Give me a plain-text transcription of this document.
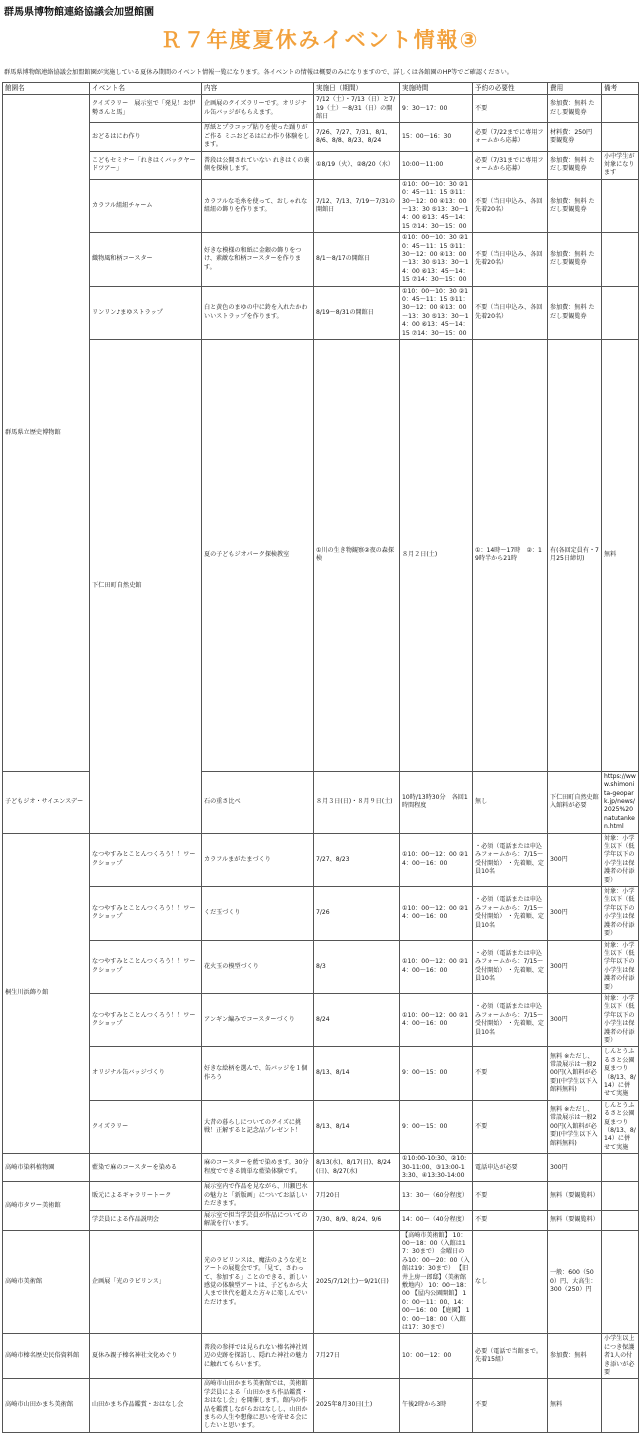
群馬県博物館連絡協議会加盟館園
Ｒ７年度夏休みイベント情報③
群馬県博物館連絡協議会加盟館園が実施している夏休み期間のイベント情報一覧になります。各イベントの情報は概要のみになりますので、詳しくは各館園のHP等でご確認ください。
館園名	イベント名	内容	実施日（期間）	実施時間	予約の必要性	費用	備考	
群馬県立歴史博物館	クイズラリー　展示室で「発見！お伊勢さんと馬」	企画展のクイズラリーです。オリジナル缶バッジがもらえます。	7/12（土）・7/13（日）と7/19（土）～8/31（日）の開館日	9：30～17：00	不要	参加費：無料 ただし要観覧券		
	おどるはにわ作り	厚紙とプラコップ貼りを使った踊りがご作る ミニおどるはにわ作り体験をします。	7/26、7/27、7/31、8/1、8/6、8/8、8/23、8/24	15：00～16：30	必要（7/22までに専用フォームから応募）	材料費：250円 要観覧券		
	こどもセミナー「れきはくバックヤードツアー」	普段は公開されていない れきはくの裏側を探検します。	①8/19（火）、②8/20（水）	10:00～11:00	必要（7/31までに専用フォームから応募）	参加費：無料 ただし要観覧券	小中学生が対象になります	
	カラフル組紐チャーム	カラフルな毛糸を使って、おしゃれな組紐の飾りを作ります。	7/12、7/13、7/19～7/31の開館日	①10：00～10：30 ②10：45～11：15 ③11：30～12：00 ④13：00～13：30 ⑤13：30～14：00 ⑥13：45～14：15 ⑦14：30～15：00	不要（当日申込み、各回先着20名）	参加費：無料 ただし要観覧券		
	織物風和柄コースター	好きな模様の和紙に金銀の飾りをつけ、素敵な和柄コースターを作ります。	8/1～8/17の開館日	①10：00～10：30 ②10：45～11：15 ③11：30～12：00 ④13：00～13：30 ⑤13：30～14：00 ⑥13：45～14：15 ⑦14：30～15：00	不要（当日申込み、各回先着20名）	参加費：無料 ただし要観覧券		
	リンリン♪まゆストラップ	白と黄色のまゆの中に鈴を入れたかわいいストラップを作ります。	8/19～8/31の開館日	①10：00～10：30 ②10：45～11：15 ③11：30～12：00 ④13：00～13：30 ⑤13：30～14：00 ⑥13：45～14：15 ⑦14：30～15：00	不要（当日申込み、各回先着20名）	参加費：無料 ただし要観覧券		
	下仁田町自然史館	夏の子どもジオパーク探検教室	①川の生き物観察②夜の森探検	８月２日(土)	①：14時～17時　②：19時半から21時	有(各回定員有・7月25日締切)	無料	
子どもジオ・サイエンスデー		石の重さ比べ	８月３日(日)・８月９日(土)	10時/13時30分　各回1時間程度	無し	下仁田町自然史館入館料が必要	https://www.shimonita-geopark.jp/news/2025%20natutanken.html	
桐生川浜飾り館	なつやすみとことんつくろう！！ワークショップ	カラフルまがたまづくり	7/27、8/23	①10：00～12：00 ②14：00～16：00	・必須（電話または申込みフォームから：7/15～受付開始） ・先着順、定員10名	300円	対象：小学生以下（低学年以下の小学生は保護者の付添要）	
	なつやすみとことんつくろう！！ワークショップ	くだ玉づくり	7/26	①10：00～12：00 ②14：00～16：00	・必須（電話または申込みフォームから：7/15～受付開始） ・先着順、定員10名	300円	対象：小学生以下（低学年以下の小学生は保護者の付添要）	
	なつやすみとことんつくろう！！ワークショップ	花火玉の模型づくり	8/3	①10：00～12：00 ②14：00～16：00	・必須（電話または申込みフォームから：7/15～受付開始） ・先着順、定員10名	300円	対象：小学生以下（低学年以下の小学生は保護者の付添要）	
	なつやすみとことんつくろう！！ワークショップ	アンギン編みでコースターづくり	8/24	①10：00～12：00 ②14：00～16：00	・必須（電話または申込みフォームから：7/15～受付開始） ・先着順、定員10名	300円	対象：小学生以下（低学年以下の小学生は保護者の付添要）	
	オリジナル缶バッジづくり	好きな絵柄を選んで、缶バッジを１個作ろう	8/13、8/14	9：00～15：00	不要	無料 ※ただし、常設展示は一般200円(入館料が必要)(中学生以下入館料無料)	しんとうふるさと公園夏まつり（8/13、8/14）に併せて実施	
	クイズラリー	大昔の暮らしについてのクイズに挑戦！正解すると記念品プレゼント！	8/13、8/14	9：00～15：00	不要	無料 ※ただし、常設展示は一般200円(入館料が必要)(中学生以下入館料無料)	しんとうふるさと公園夏まつり（8/13、8/14）に併せて実施	
高崎市染料植物園	藍染で麻のコースターを染める	麻のコースターを藍で染めます。30分程度でできる簡単な藍染体験です。	8/13(水)、8/17(日)、8/24(日)、8/27(水)	①10:00-10:30、②10:30-11:00、③13:00-13:30、④13:30-14:00	電話申込が必要	300円		
高崎市タワー美術館	販元によるギャラリートーク	展示室内で作品を見ながら、川瀬巴水の魅力と「新版画」についてお話しいただきます。	7月20日	13：30～（60分程度）	不要	無料（要観覧料）		
	学芸員による作品説明会	展示室で担当学芸員が作品についての解説を行います。	7/30、8/9、8/24、9/6	14：00～（40分程度）	不要	無料（要観覧料）		
高崎市美術館	企画展「光のラビリンス」	光のラビリンスは、魔法のような光とアートの展覧会です。「見て、さわって、参加する」ことのできる、新しい感覚の体験型アートは、子どもから大人まで世代を超えた方々に楽しんでいただけます。	2025/7/12(土)～9/21(日)	【高崎市美術館】 10：00～18：00（入館は17：30まで） 金曜日のみ10：00～20：00（入館は19：30まで） 【旧井上房一郎邸】（美術館敷地内） 10：00～18：00 【屋内公園開館】 10：00～11：00、14：00～16：00 【庭園】 10：00～18：00（入館は17：30まで）	なし	一般：600（500）円、大高生：300（250）円		
高崎市榛名歴史民俗資料館	夏休み親子榛名神社文化めぐり	普段の参拝では見られない榛名神社周辺の史跡を探訪し、隠れた神社の魅力に触れてもらいます。	7月27日	10：00～12：00	必要（電話で当館まで。先着15組）	参加費：無料	小学生以上につき保護者1人の付き添いが必要	
高崎市山田かまち美術館	山田かまち作品鑑賞・おはなし会	高崎市山田かまち美術館では、美術館学芸員による「山田かまち作品鑑賞・おはなし会」を開催します。館内の作品を鑑賞しながらおはなしし、山田かまちの人生や想像に思いを寄せる会にしたいと思います。	2025年8月30日(土)	午後2時から3時	不要	無料		
